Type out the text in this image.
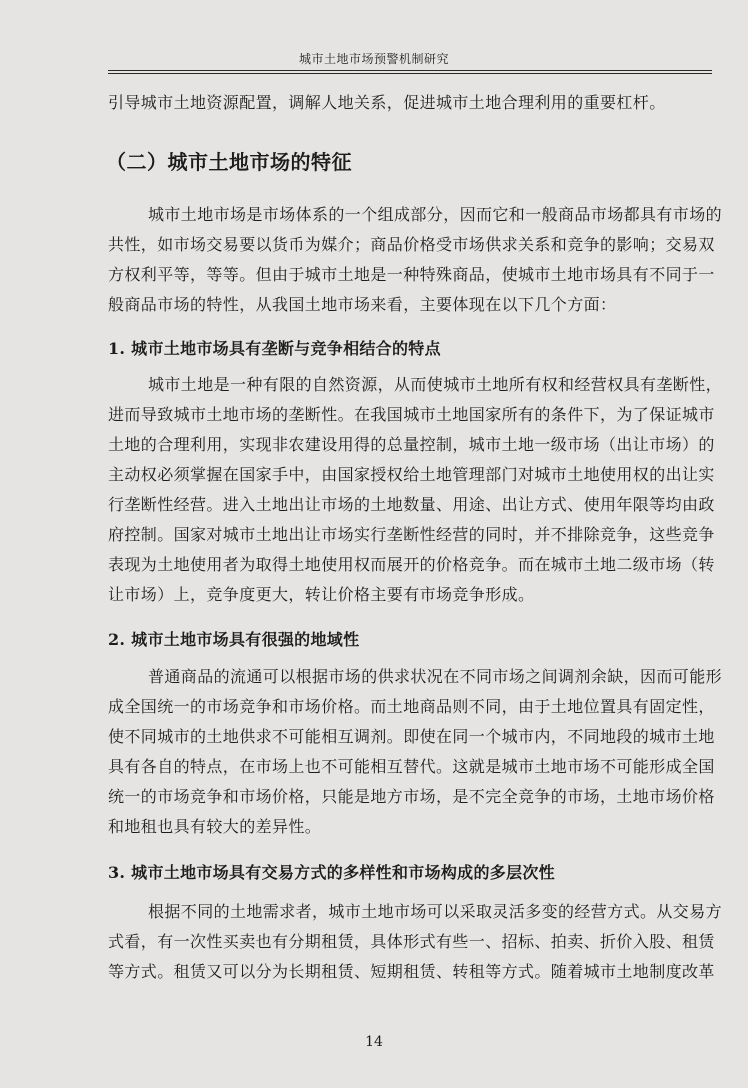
城市土地市场预警机制研究
引导城市土地资源配置，调解人地关系，促进城市土地合理利用的重要杠杆。
（二）城市土地市场的特征
城市土地市场是市场体系的一个组成部分，因而它和一般商品市场都具有市场的共性，如市场交易要以货币为媒介；商品价格受市场供求关系和竞争的影响；交易双方权利平等，等等。但由于城市土地是一种特殊商品，使城市土地市场具有不同于一般商品市场的特性，从我国土地市场来看，主要体现在以下几个方面：
1. 城市土地市场具有垄断与竞争相结合的特点
城市土地是一种有限的自然资源，从而使城市土地所有权和经营权具有垄断性，进而导致城市土地市场的垄断性。在我国城市土地国家所有的条件下，为了保证城市土地的合理利用，实现非农建设用得的总量控制，城市土地一级市场（出让市场）的主动权必须掌握在国家手中，由国家授权给土地管理部门对城市土地使用权的出让实行垄断性经营。进入土地出让市场的土地数量、用途、出让方式、使用年限等均由政府控制。国家对城市土地出让市场实行垄断性经营的同时，并不排除竞争，这些竞争表现为土地使用者为取得土地使用权而展开的价格竞争。而在城市土地二级市场（转让市场）上，竞争度更大，转让价格主要有市场竞争形成。
2. 城市土地市场具有很强的地域性
普通商品的流通可以根据市场的供求状况在不同市场之间调剂余缺，因而可能形成全国统一的市场竞争和市场价格。而土地商品则不同，由于土地位置具有固定性，使不同城市的土地供求不可能相互调剂。即使在同一个城市内，不同地段的城市土地具有各自的特点，在市场上也不可能相互替代。这就是城市土地市场不可能形成全国统一的市场竞争和市场价格，只能是地方市场，是不完全竞争的市场，土地市场价格和地租也具有较大的差异性。
3. 城市土地市场具有交易方式的多样性和市场构成的多层次性
根据不同的土地需求者，城市土地市场可以采取灵活多变的经营方式。从交易方式看，有一次性买卖也有分期租赁，具体形式有些一、招标、拍卖、折价入股、租赁等方式。租赁又可以分为长期租赁、短期租赁、转租等方式。随着城市土地制度改革
14
